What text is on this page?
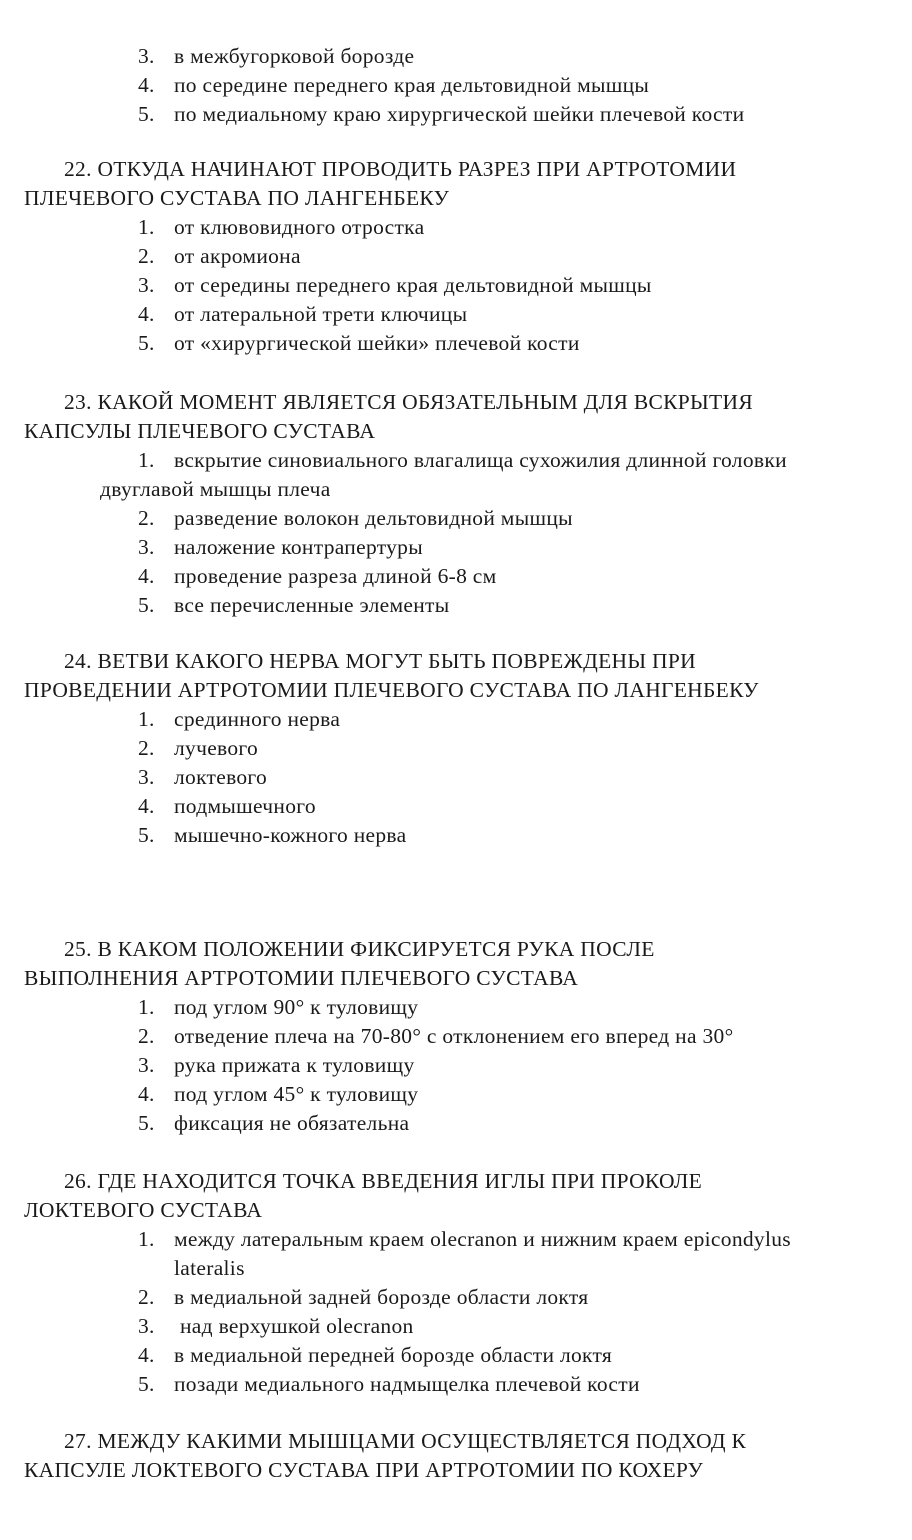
3. в межбугорковой борозде
4. по середине переднего края дельтовидной мышцы
5. по медиальному краю хирургической шейки плечевой кости
22. ОТКУДА НАЧИНАЮТ ПРОВОДИТЬ РАЗРЕЗ ПРИ АРТРОТОМИИ
ПЛЕЧЕВОГО СУСТАВА ПО ЛАНГЕНБЕКУ
1. от клювовидного отростка
2. от акромиона
3. от середины переднего края дельтовидной мышцы
4. от латеральной трети ключицы
5. от «хирургической шейки» плечевой кости
23. КАКОЙ МОМЕНТ ЯВЛЯЕТСЯ ОБЯЗАТЕЛЬНЫМ ДЛЯ ВСКРЫТИЯ
КАПСУЛЫ ПЛЕЧЕВОГО СУСТАВА
1. вскрытие синовиального влагалища сухожилия длинной головки
двуглавой мышцы плеча
2. разведение волокон дельтовидной мышцы
3. наложение контрапертуры
4. проведение разреза длиной 6-8 см
5. все перечисленные элементы
24. ВЕТВИ КАКОГО НЕРВА МОГУТ БЫТЬ ПОВРЕЖДЕНЫ ПРИ
ПРОВЕДЕНИИ АРТРОТОМИИ ПЛЕЧЕВОГО СУСТАВА ПО ЛАНГЕНБЕКУ
1. срединного нерва
2. лучевого
3. локтевого
4. подмышечного
5. мышечно-кожного нерва
25. В КАКОМ ПОЛОЖЕНИИ ФИКСИРУЕТСЯ РУКА ПОСЛЕ
ВЫПОЛНЕНИЯ АРТРОТОМИИ ПЛЕЧЕВОГО СУСТАВА
1. под углом 90° к туловищу
2. отведение плеча на 70-80° с отклонением его вперед на 30°
3. рука прижата к туловищу
4. под углом 45° к туловищу
5. фиксация не обязательна
26. ГДЕ НАХОДИТСЯ ТОЧКА ВВЕДЕНИЯ ИГЛЫ ПРИ ПРОКОЛЕ
ЛОКТЕВОГО СУСТАВА
1. между латеральным краем olecranon и нижним краем epicondylus
lateralis
2. в медиальной задней борозде области локтя
3.	над верхушкой olecranon
4. в медиальной передней борозде области локтя
5. позади медиального надмыщелка плечевой кости
27. МЕЖДУ КАКИМИ МЫШЦАМИ ОСУЩЕСТВЛЯЕТСЯ ПОДХОД К
КАПСУЛЕ ЛОКТЕВОГО СУСТАВА ПРИ АРТРОТОМИИ ПО КОХЕРУ
